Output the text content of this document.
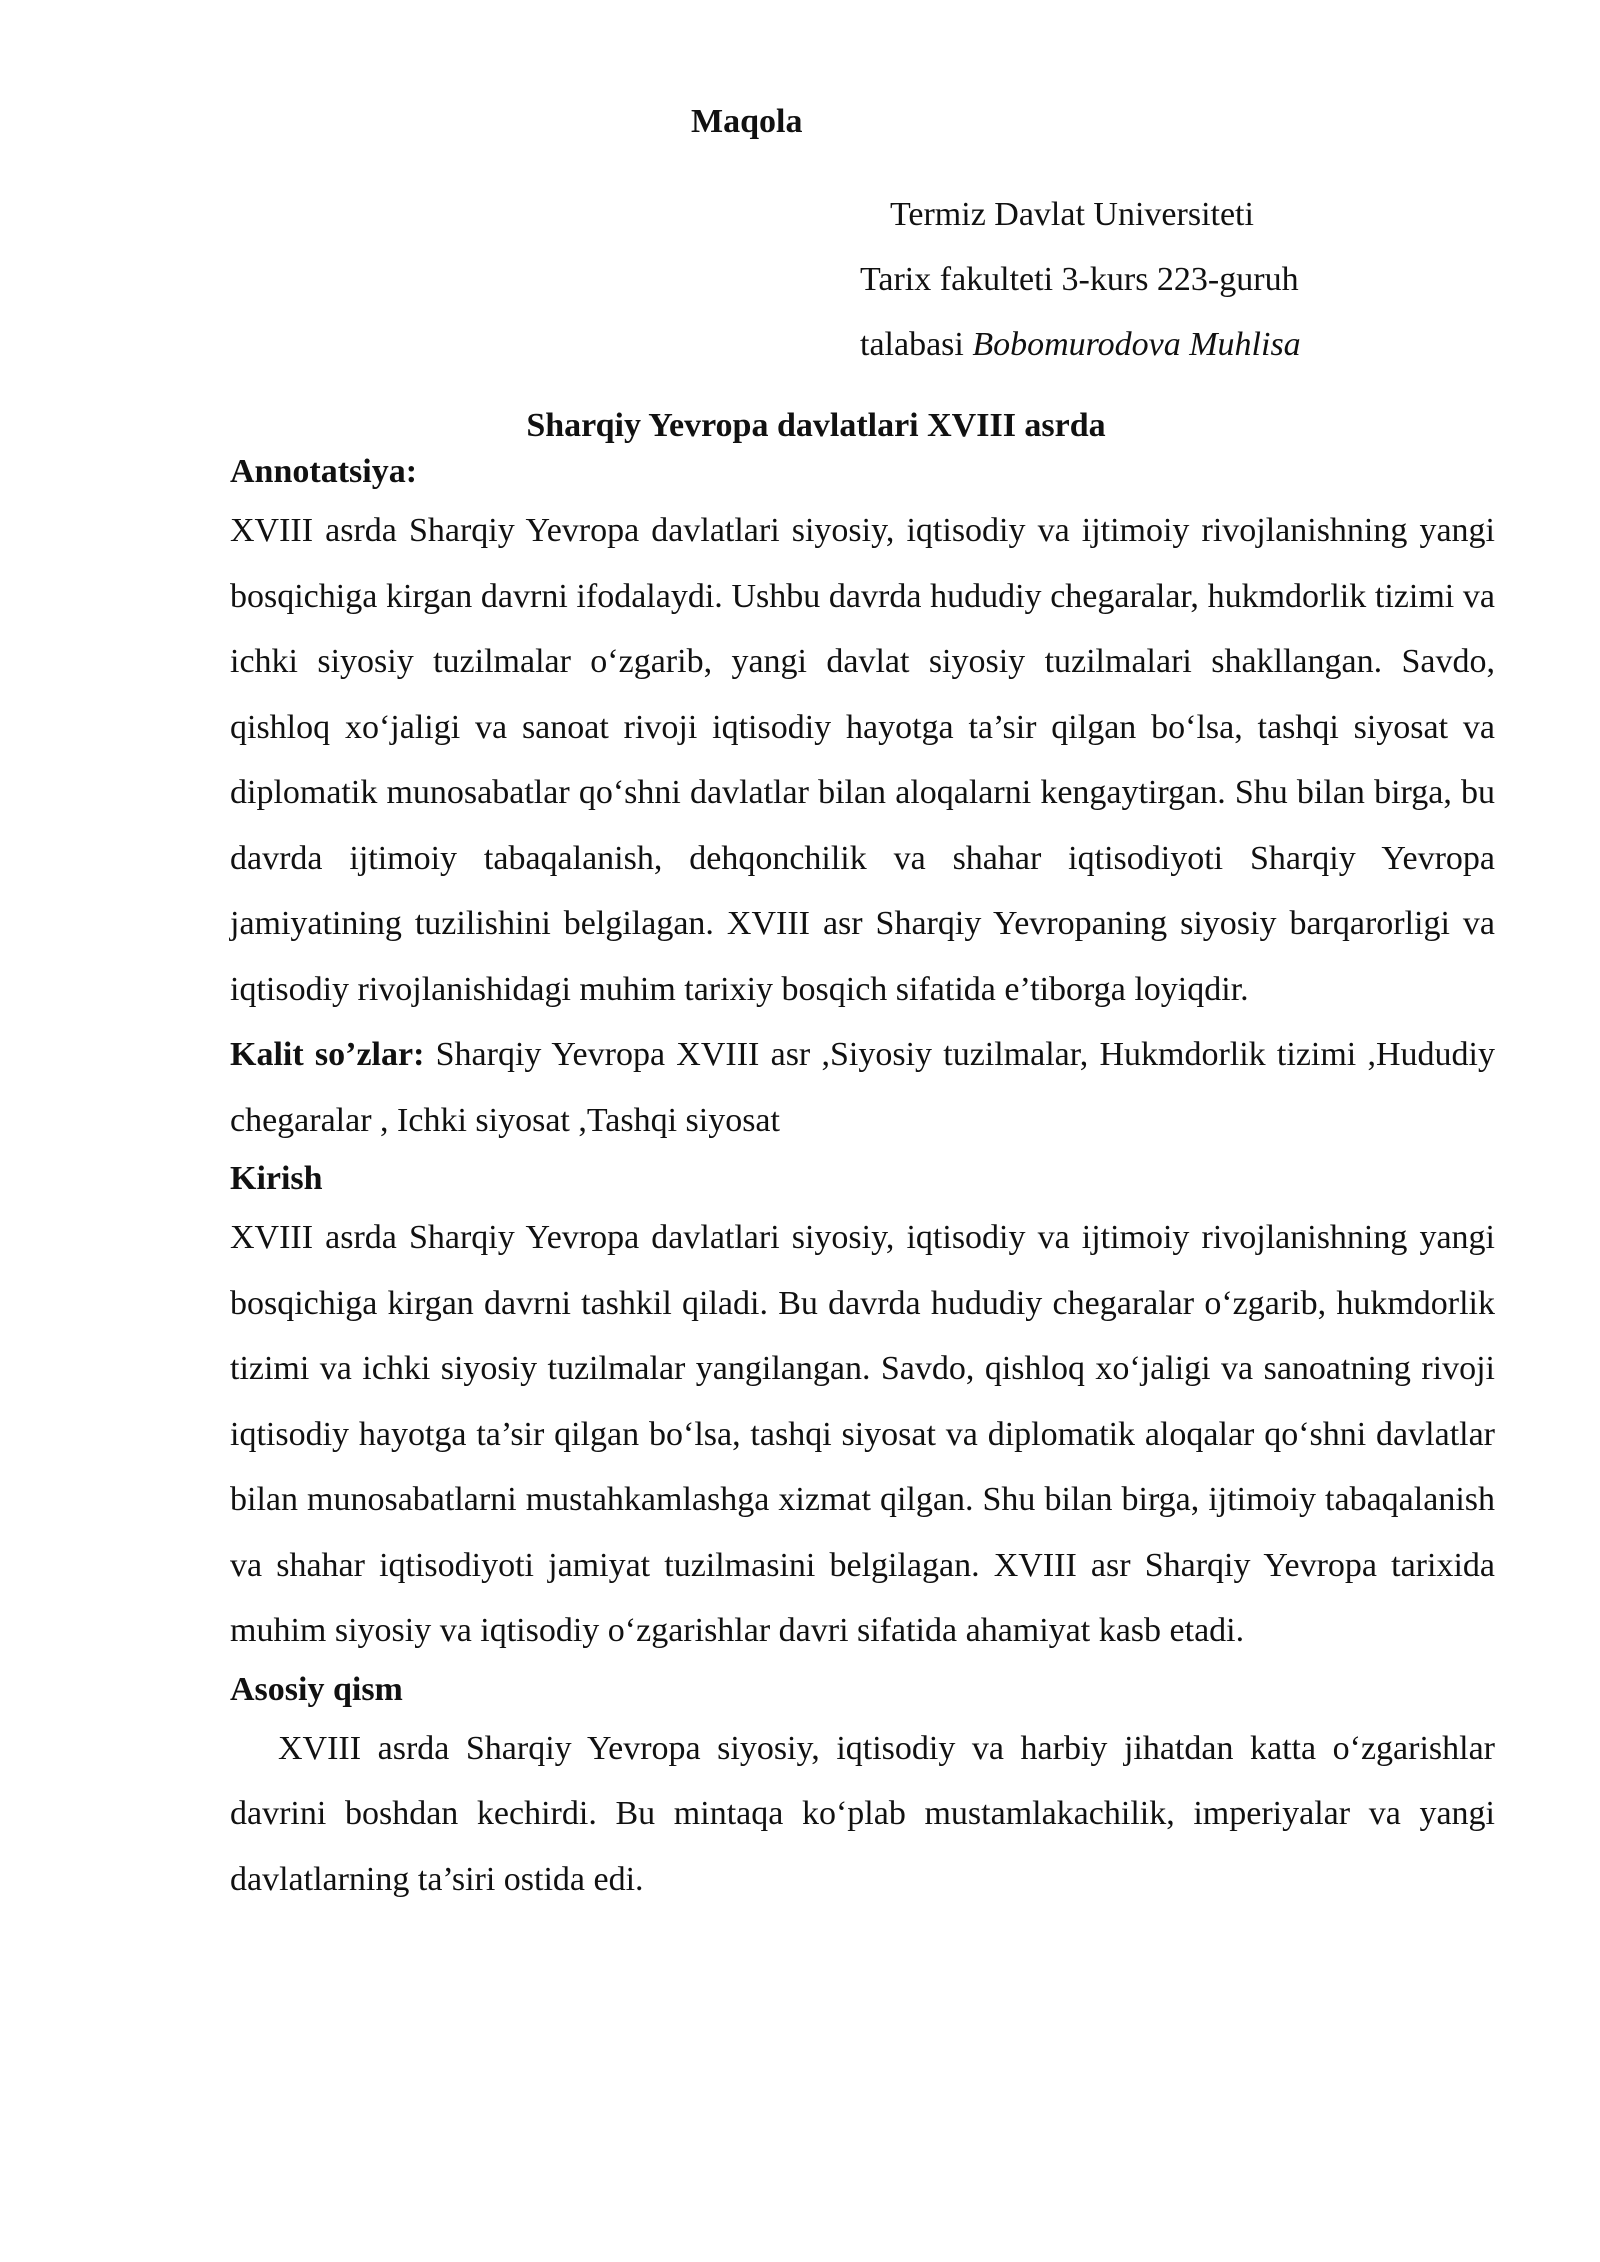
Maqola
Termiz Davlat Universiteti
Tarix fakulteti 3-kurs 223-guruh
talabasi Bobomurodova Muhlisa
Sharqiy Yevropa davlatlari XVIII asrda

Annotatsiya:

XVIII asrda Sharqiy Yevropa davlatlari siyosiy, iqtisodiy va ijtimoiy rivojlanishning yangi bosqichiga kirgan davrni ifodalaydi. Ushbu davrda hududiy chegaralar, hukmdorlik tizimi va ichki siyosiy tuzilmalar o‘zgarib, yangi davlat siyosiy tuzilmalari shakllangan. Savdo, qishloq xo‘jaligi va sanoat rivoji iqtisodiy hayotga ta’sir qilgan bo‘lsa, tashqi siyosat va diplomatik munosabatlar qo‘shni davlatlar bilan aloqalarni kengaytirgan. Shu bilan birga, bu davrda ijtimoiy tabaqalanish, dehqonchilik va shahar iqtisodiyoti Sharqiy Yevropa jamiyatining tuzilishini belgilagan. XVIII asr Sharqiy Yevropaning siyosiy barqarorligi va iqtisodiy rivojlanishidagi muhim tarixiy bosqich sifatida e’tiborga loyiqdir.

Kalit so’zlar: Sharqiy Yevropa XVIII asr ,Siyosiy tuzilmalar, Hukmdorlik tizimi ,Hududiy chegaralar , Ichki siyosat ,Tashqi siyosat

Kirish

XVIII asrda Sharqiy Yevropa davlatlari siyosiy, iqtisodiy va ijtimoiy rivojlanishning yangi bosqichiga kirgan davrni tashkil qiladi. Bu davrda hududiy chegaralar o‘zgarib, hukmdorlik tizimi va ichki siyosiy tuzilmalar yangilangan. Savdo, qishloq xo‘jaligi va sanoatning rivoji iqtisodiy hayotga ta’sir qilgan bo‘lsa, tashqi siyosat va diplomatik aloqalar qo‘shni davlatlar bilan munosabatlarni mustahkamlashga xizmat qilgan. Shu bilan birga, ijtimoiy tabaqalanish va shahar iqtisodiyoti jamiyat tuzilmasini belgilagan. XVIII asr Sharqiy Yevropa tarixida muhim siyosiy va iqtisodiy o‘zgarishlar davri sifatida ahamiyat kasb etadi.

Asosiy qism

XVIII asrda Sharqiy Yevropa siyosiy, iqtisodiy va harbiy jihatdan katta o‘zgarishlar davrini boshdan kechirdi. Bu mintaqa ko‘plab mustamlakachilik, imperiyalar va yangi davlatlarning ta’siri ostida edi.
